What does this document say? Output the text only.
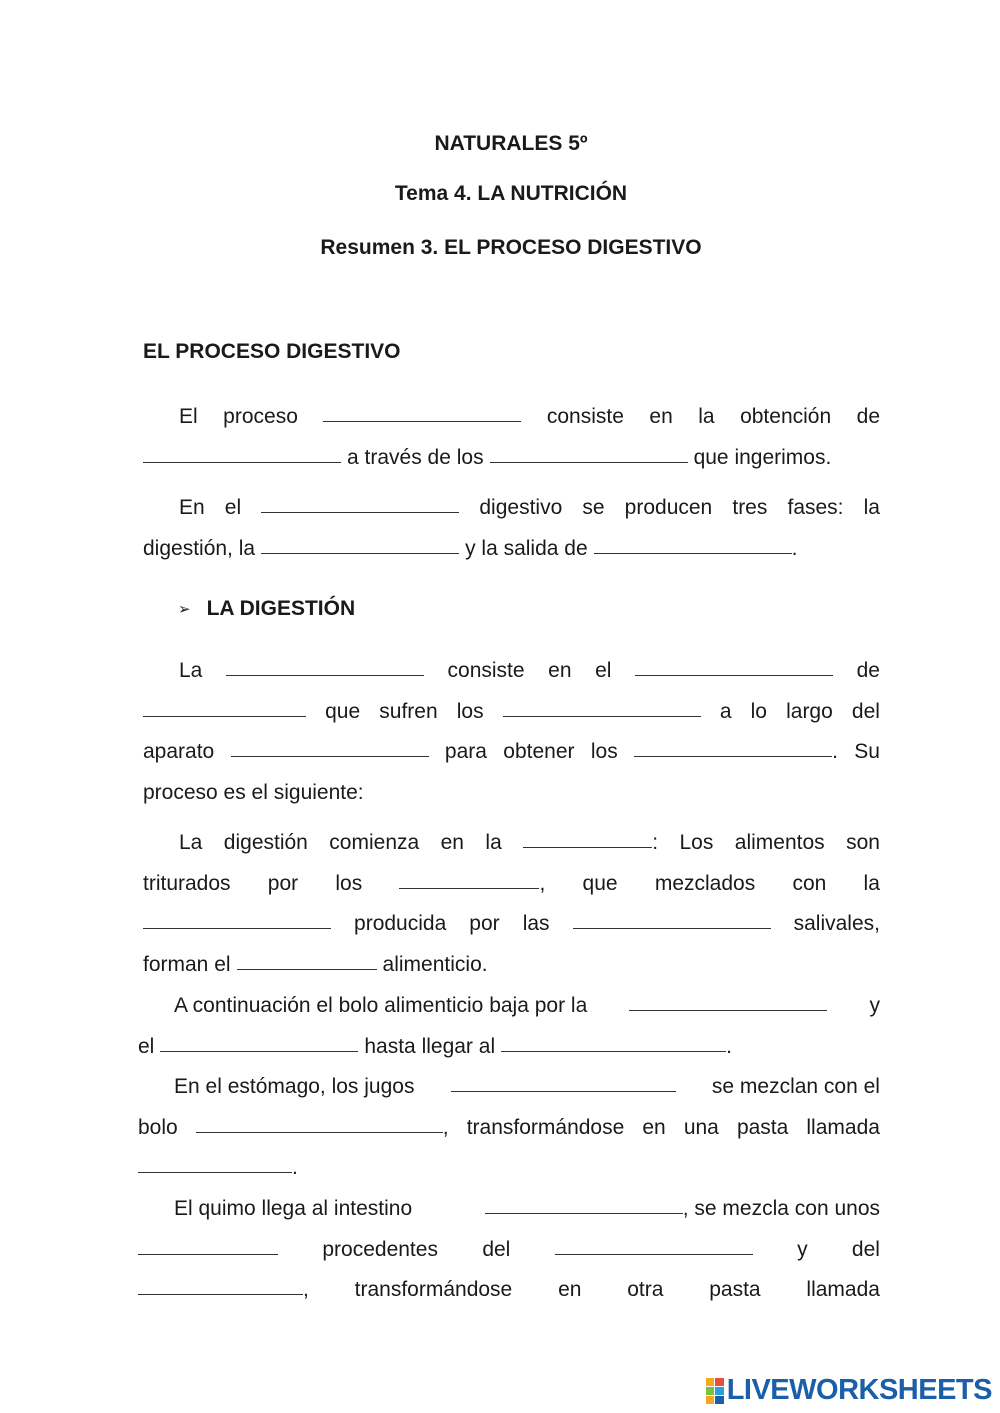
NATURALES 5º
Tema 4. LA NUTRICIÓN
Resumen 3. EL PROCESO DIGESTIVO
EL PROCESO DIGESTIVO
El proceso	consiste en la obtención de
a través de los	que ingerimos.
En el	digestivo se producen tres fases: la
digestión, la	y la salida de	.
➢ LA DIGESTIÓN
La	consiste en el	de
que sufren los	a lo largo del
aparato	para obtener los	. Su
proceso es el siguiente:
La digestión comienza en la	: Los alimentos son
triturados por los	, que mezclados con la
producida por las	salivales,
forman el	alimenticio.
A continuación el bolo alimenticio baja por la	y
el	hasta llegar al	.
En el estómago, los jugos	se mezclan con el
bolo	, transformándose en una pasta llamada
.
El quimo llega al intestino	, se mezcla con unos
procedentes del	y del
, transformándose en otra pasta llamada
LIVEWORKSHEETS
